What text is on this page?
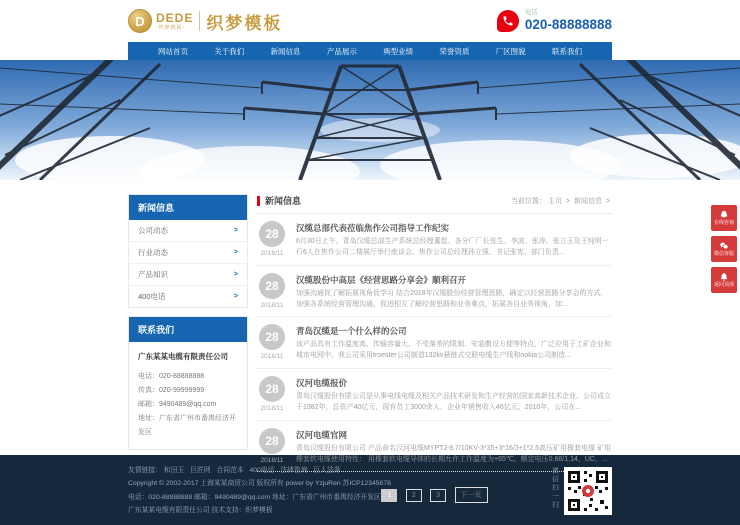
D DEDE
-织梦模板-	织梦模板
电话
020-88888888
网站首页	关于我们	新闻信息	产品展示	典型业绩	荣誉资质	厂区图貌	联系我们
新闻信息
公司动态	>
行业动态	>
产品知识	>
400电话	>
联系我们
广东某某电缆有限责任公司
电话：020-88888888
传真：020-99999999
邮箱：9490489@qq.com
地址：广东省广州市番禺经济开发区
新闻信息	当前位置： 主页 > 新闻信息 >
28
2018/11
汉缆总部代表莅临焦作公司指导工作纪实

6月30日上午，青岛汉缆总部生产系统总经理董煜、各分厂厂长张生、李波、张涛、张立玉及王纯明一行6人在焦作公司二楼展厅举行座谈会。焦作公司总经理孙立强、书记张宪、部门负责...

28
2018/11
汉缆股份中高层《经营思路分享会》顺利召开

加强沟通促了解拓展视角促学习 结合2018年汉缆股份经营管理思路，确定以经营思路分享会的方式，加强各系统经营管理沟通，促进相互了解经营思路和业务难点，拓展各自业务视角，加...

28
2018/11
青岛汉缆是一个什么样的公司

该产品具有工作温度高、传输容量大、不受落差的限制、安装敷设方便等特点，广泛应用于工矿企业和城市电网中。我公司采用troester公司制造132kv悬链式交联电缆生产线和nokia公司制造...

28
2018/11
汉河电缆报价

青岛汉缆股份有限公司是从事电线电缆及相关产品技术研发和生产经营的国家高新技术企业。公司成立于1982年，总资产40亿元，现有员工3000余人，企业年销售收入46亿元。2010年，公司在...

28
2018/11
汉河电缆官网

青岛汉缆股份有限公司 产品命名汉河电缆MYPTJ-8.7/10KV-3*35+3*16/3+1*2.5高压矿用橡套电缆 矿用橡套软电缆使用特性： 用橡套软电缆导体的长期允许工作温度为+65℃。额定电压0.66/1.14，UC，...

1	2	3	下一页
在线咨询
微信客服
返回顶部
友情链接： 和田玉 巨匠网 合同范本 400电话 法律咨询 巨人法务
Copyright © 2002-2017 上海某某商贸公司 版权所有 power by YzjuRen 苏ICP12345678
电话：020-88888888 邮箱：9490489@qq.com 地址：广东省广州市番禺经济开发区
广东某某电缆有限责任公司 技术支持：织梦模板
微信扫一扫
